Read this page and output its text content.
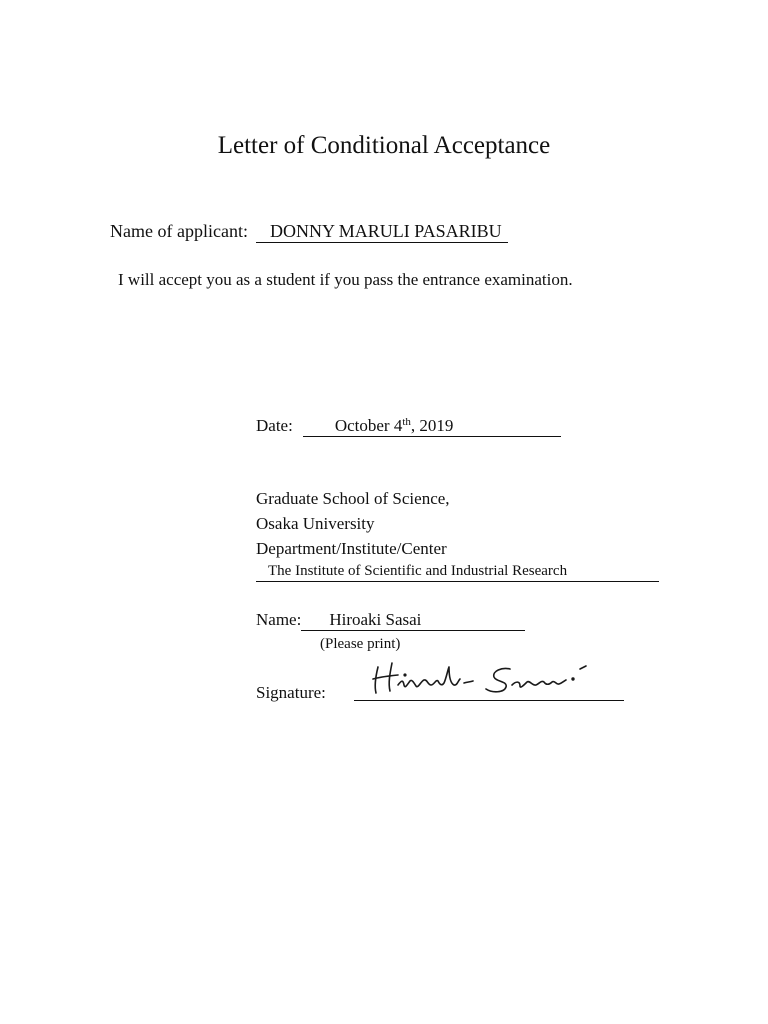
Letter of Conditional Acceptance
Name of applicant: DONNY MARULI PASARIBU
I will accept you as a student if you pass the entrance examination.
Date: October 4th, 2019
Graduate School of Science,
Osaka University
Department/Institute/Center
The Institute of Scientific and Industrial Research
Name: Hiroaki Sasai
(Please print)
Signature:
